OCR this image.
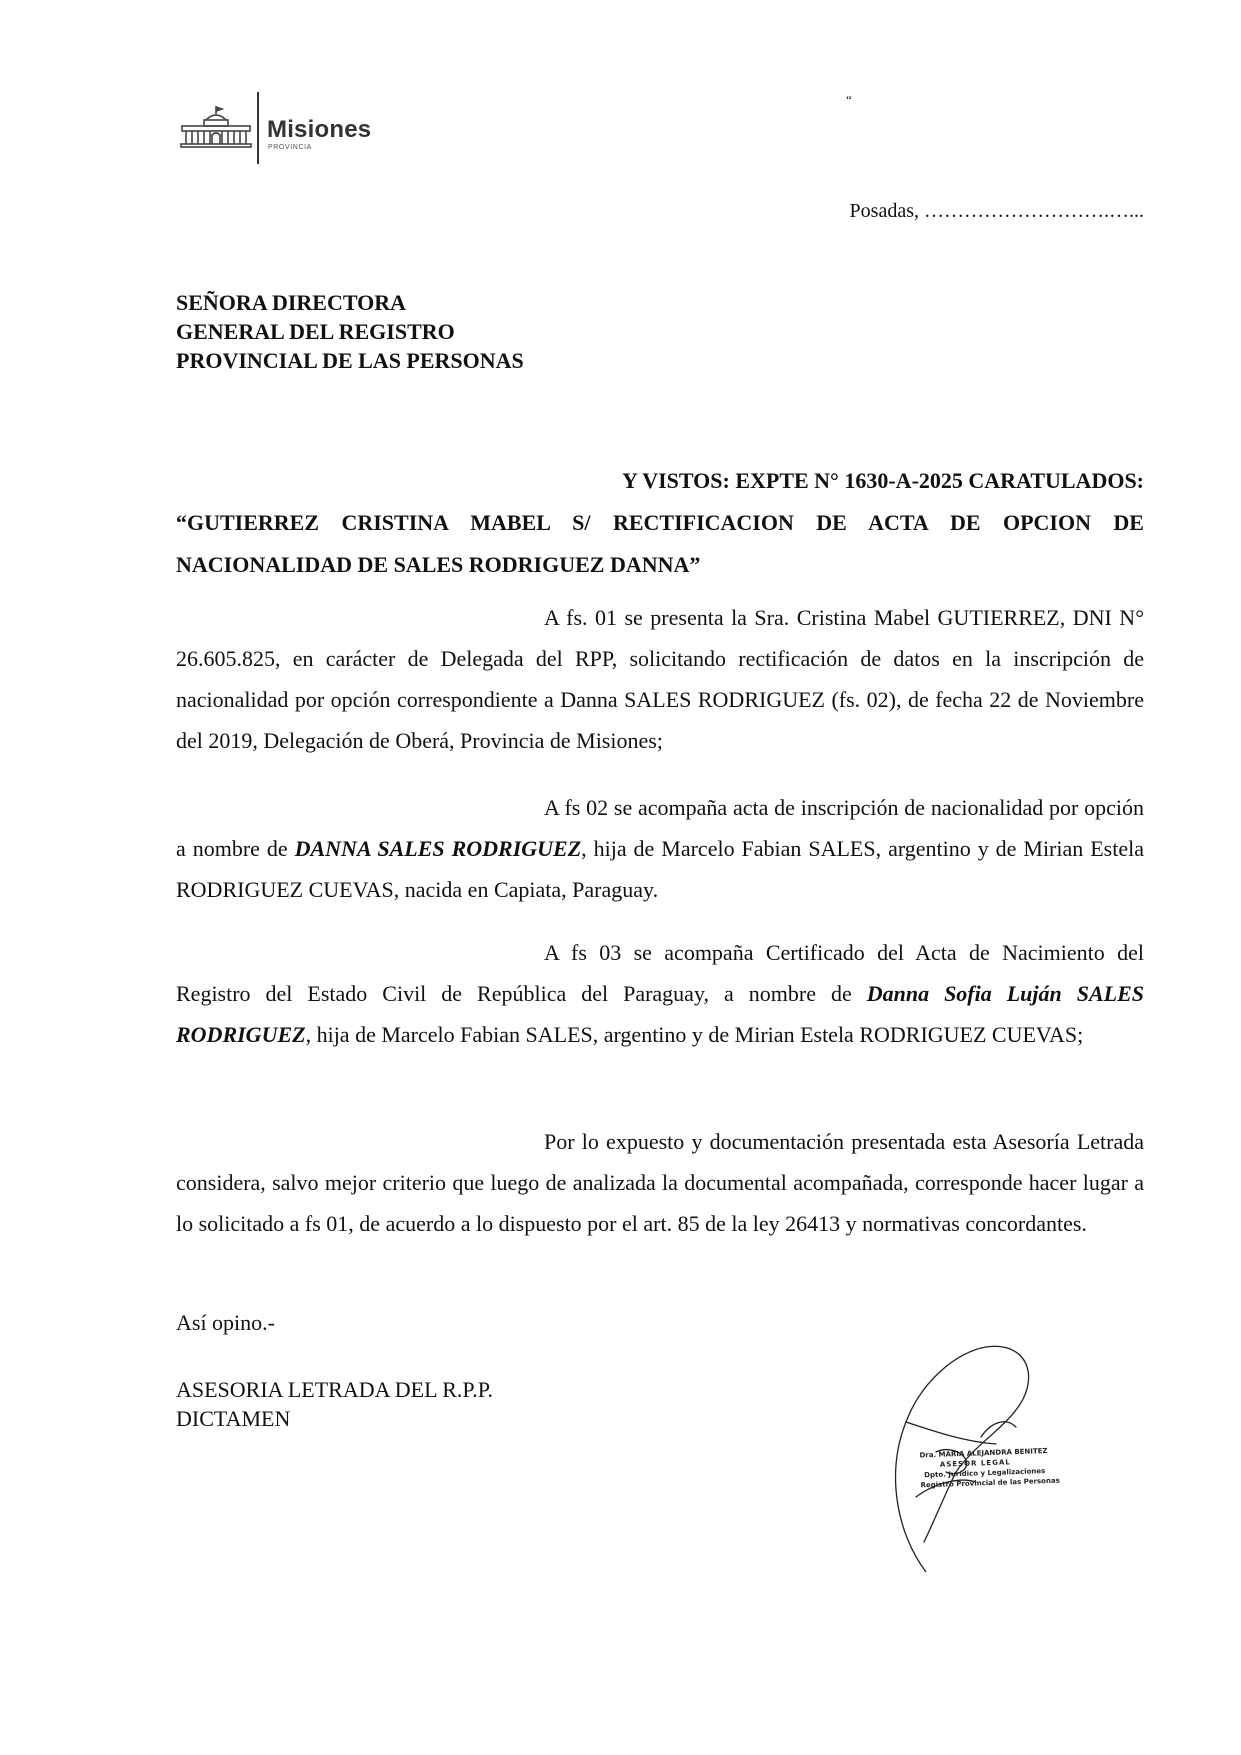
Misiones
PROVINCIA
“
Posadas, ……………………….…...
SEÑORA DIRECTORA
GENERAL DEL REGISTRO
PROVINCIAL DE LAS PERSONAS
Y VISTOS: EXPTE N° 1630-A-2025 CARATULADOS:
“GUTIERREZ CRISTINA MABEL S/ RECTIFICACION DE ACTA DE OPCION DE NACIONALIDAD DE SALES RODRIGUEZ DANNA”
A fs. 01 se presenta la Sra. Cristina Mabel GUTIERREZ, DNI N° 26.605.825, en carácter de Delegada del RPP, solicitando rectificación de datos en la inscripción de nacionalidad por opción correspondiente a Danna SALES RODRIGUEZ (fs. 02), de fecha 22 de Noviembre del 2019, Delegación de Oberá, Provincia de Misiones;
A fs 02 se acompaña acta de inscripción de nacionalidad por opción a nombre de DANNA SALES RODRIGUEZ, hija de Marcelo Fabian SALES, argentino y de Mirian Estela RODRIGUEZ CUEVAS, nacida en Capiata, Paraguay.
A fs 03 se acompaña Certificado del Acta de Nacimiento del Registro del Estado Civil de República del Paraguay, a nombre de Danna Sofia Luján SALES RODRIGUEZ, hija de Marcelo Fabian SALES, argentino y de Mirian Estela RODRIGUEZ CUEVAS;
Por lo expuesto y documentación presentada esta Asesoría Letrada considera, salvo mejor criterio que luego de analizada la documental acompañada, corresponde hacer lugar a lo solicitado a fs 01, de acuerdo a lo dispuesto por el art. 85 de la ley 26413 y normativas concordantes.
Así opino.-
ASESORIA LETRADA DEL R.P.P.
DICTAMEN
Dra. MARIA ALEJANDRA BENITEZ
ASESOR LEGAL
Dpto. Jurídico y Legalizaciones
Registro Provincial de las Personas
